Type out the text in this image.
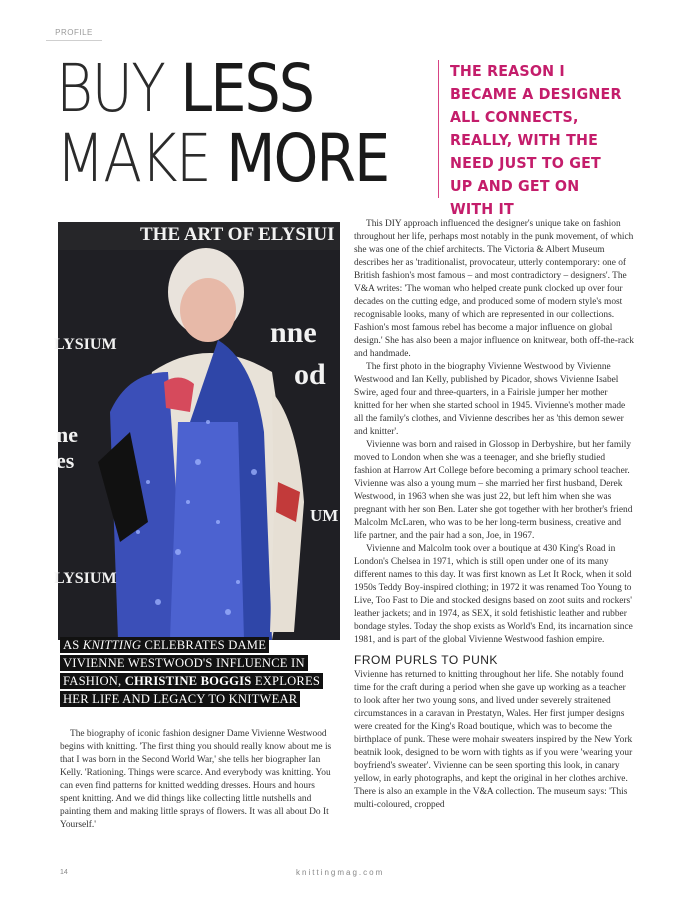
PROFILE
BUY LESS
MAKE MORE
THE REASON I BECAME A DESIGNER ALL CONNECTS, REALLY, WITH THE NEED JUST TO GET UP AND GET ON WITH IT
THE ART OF ELYSIUI
LYSIUM
LYSIUM
ne
es
nne
od
UM
AS KNITTING CELEBRATES DAME
VIVIENNE WESTWOOD'S INFLUENCE IN
FASHION, CHRISTINE BOGGIS EXPLORES
HER LIFE AND LEGACY TO KNITWEAR

The biography of iconic fashion designer Dame Vivienne Westwood begins with knitting. 'The first thing you should really know about me is that I was born in the Second World War,' she tells her biographer Ian Kelly. 'Rationing. Things were scarce. And everybody was knitting. You can even find patterns for knitted wedding dresses. Hours and hours spent knitting. And we did things like collecting little nutshells and painting them and making little sprays of flowers. It was all about Do It Yourself.'

This DIY approach influenced the designer's unique take on fashion throughout her life, perhaps most notably in the punk movement, of which she was one of the chief architects. The Victoria & Albert Museum describes her as 'traditionalist, provocateur, utterly contemporary: one of British fashion's most famous – and most contradictory – designers'. The V&A writes: 'The woman who helped create punk clocked up over four decades on the cutting edge, and produced some of modern style's most recognisable looks, many of which are represented in our collections. Fashion's most famous rebel has become a major influence on global design.' She has also been a major influence on knitwear, both off-the-rack and handmade.

The first photo in the biography Vivienne Westwood by Vivienne Westwood and Ian Kelly, published by Picador, shows Vivienne Isabel Swire, aged four and three-quarters, in a Fairisle jumper her mother knitted for her when she started school in 1945. Vivienne's mother made all the family's clothes, and Vivienne describes her as 'this demon sewer and knitter'.

Vivienne was born and raised in Glossop in Derbyshire, but her family moved to London when she was a teenager, and she briefly studied fashion at Harrow Art College before becoming a primary school teacher. Vivienne was also a young mum – she married her first husband, Derek Westwood, in 1963 when she was just 22, but left him when she was pregnant with her son Ben. Later she got together with her brother's friend Malcolm McLaren, who was to be her long-term business, creative and life partner, and the pair had a son, Joe, in 1967.

Vivienne and Malcolm took over a boutique at 430 King's Road in London's Chelsea in 1971, which is still open under one of its many different names to this day. It was first known as Let It Rock, when it sold 1950s Teddy Boy-inspired clothing; in 1972 it was renamed Too Young to Live, Too Fast to Die and stocked designs based on zoot suits and rockers' leather jackets; and in 1974, as SEX, it sold fetishistic leather and rubber bondage styles. Today the shop exists as World's End, its incarnation since 1981, and is part of the global Vivienne Westwood fashion empire.

FROM PURLS TO PUNK

Vivienne has returned to knitting throughout her life. She notably found time for the craft during a period when she gave up working as a teacher to look after her two young sons, and lived under severely straitened circumstances in a caravan in Prestatyn, Wales. Her first jumper designs were created for the King's Road boutique, which was to become the birthplace of punk. These were mohair sweaters inspired by the New York beatnik look, designed to be worn with tights as if you were 'wearing your boyfriend's sweater'. Vivienne can be seen sporting this look, in canary yellow, in early photographs, and kept the original in her clothes archive. There is also an example in the V&A collection. The museum says: 'This multi-coloured, cropped

14	knittingmag.com
